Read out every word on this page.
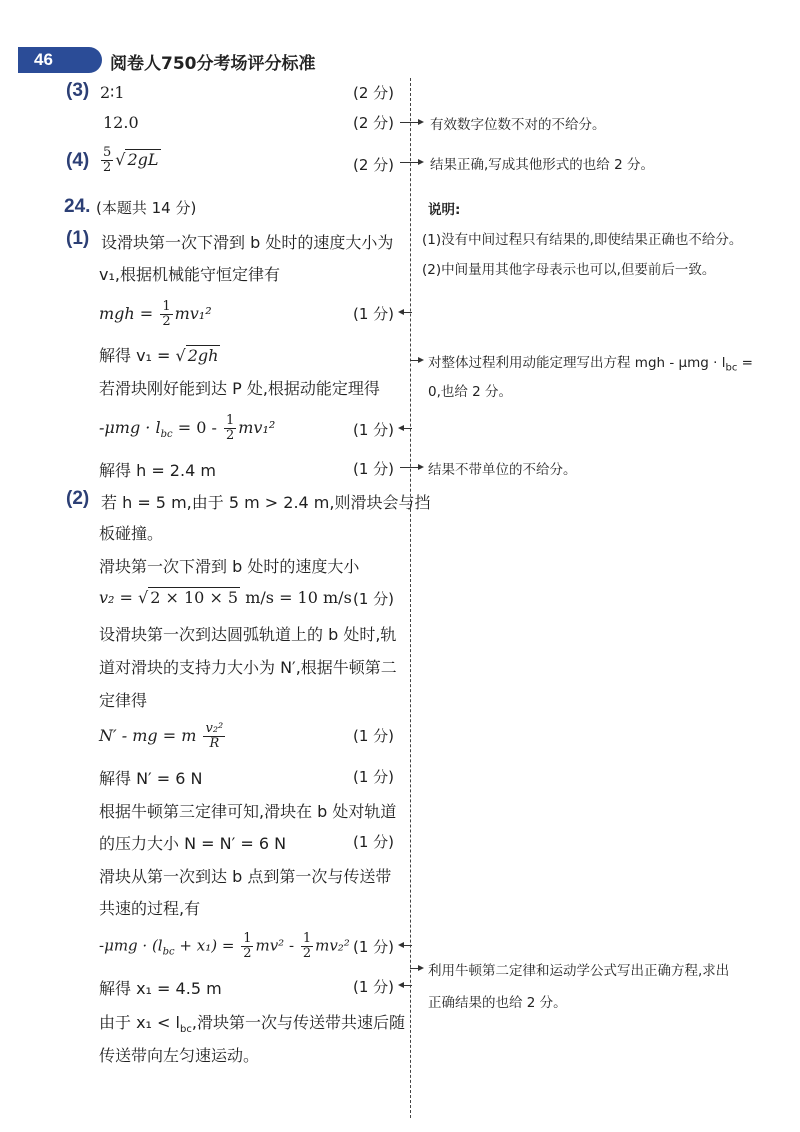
46	阅卷人750分考场评分标准
(3) 2∶1	(2 分)
12.0	(2 分)	有效数字位数不对的不给分。
$(4) \frac{5}{2}$ √ 2gL	(2 分)	结果正确,写成其他形式的也给 2 分。
24. (本题共 14 分)	说明:
(1)没有中间过程只有结果的,即使结果正确也不给分。
(2)中间量用其他字母表示也可以,但要前后一致。
(1) 设滑块第一次下滑到 b 处时的速度大小为
v₁,根据机械能守恒定律有
mgh = $\frac{1}{2} mv_1^2$	(1 分)
解得 v₁ = √ 2gh	对整体过程利用动能定理写出方程 mgh - $\mu mg \cdot l_{bc}$ =
0,也给 2 分。
若滑块刚好能到达 P 处,根据动能定理得
$-\mu mg \cdot l_{bc} = 0 - \frac{1}{2} mv_1^2$	(1 分)
解得 h = 2.4 m	(1 分)	结果不带单位的不给分。
(2) 若 h = 5 m,由于 5 m > 2.4 m,则滑块会与挡
板碰撞。
滑块第一次下滑到 b 处时的速度大小
v₂ = √ 2 × 10 × 5 m/s = 10 m/s (1 分)
设滑块第一次到达圆弧轨道上的 b 处时,轨
道对滑块的支持力大小为 N′,根据牛顿第二
定律得
N′ - mg = m $\frac{\text{v₂²}}{R}$	(1 分)
解得 N′ = 6 N	(1 分)
根据牛顿第三定律可知,滑块在 b 处对轨道
的压力大小 N = N′ = 6 N	(1 分)
滑块从第一次到达 b 点到第一次与传送带
共速的过程,有
$-\mu mg \cdot (l_{bc} + x_1) = \frac{1}{2} mv^2 - \frac{1}{2} mv_2^2$ (1 分)
解得 x₁ = 4.5 m	(1 分)
利用牛顿第二定律和运动学公式写出正确方程,求出
正确结果的也给 2 分。
由于 $x_1 < l_{bc}$,滑块第一次与传送带共速后随
传送带向左匀速运动。
